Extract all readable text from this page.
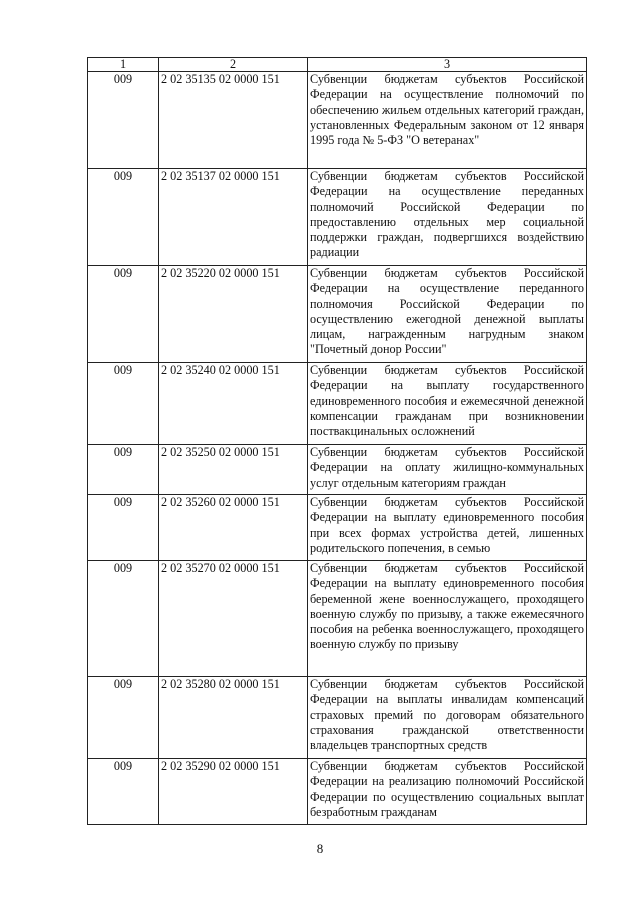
1	2	3
009	2 02 35135 02 0000 151	Субвенции бюджетам субъектов Российской Федерации на осуществление полномочий по обеспечению жильем отдельных категорий граждан, установленных Федеральным законом от 12 января 1995 года № 5-ФЗ "О ветеранах"
009	2 02 35137 02 0000 151	Субвенции бюджетам субъектов Российской Федерации на осуществление переданных полномочий Российской Федерации по предоставлению отдельных мер социальной поддержки граждан, подвергшихся воздействию радиации
009	2 02 35220 02 0000 151	Субвенции бюджетам субъектов Российской Федерации на осуществление переданного полномочия Российской Федерации по осуществлению ежегодной денежной выплаты лицам, награжденным нагрудным знаком "Почетный донор России"
009	2 02 35240 02 0000 151	Субвенции бюджетам субъектов Российской Федерации на выплату государственного единовременного пособия и ежемесячной денежной компенсации гражданам при возникновении поствакцинальных осложнений
009	2 02 35250 02 0000 151	Субвенции бюджетам субъектов Российской Федерации на оплату жилищно-коммунальных услуг отдельным категориям граждан
009	2 02 35260 02 0000 151	Субвенции бюджетам субъектов Российской Федерации на выплату единовременного пособия при всех формах устройства детей, лишенных родительского попечения, в семью
009	2 02 35270 02 0000 151	Субвенции бюджетам субъектов Российской Федерации на выплату единовременного пособия беременной жене военнослужащего, проходящего военную службу по призыву, а также ежемесячного пособия на ребенка военнослужащего, проходящего военную службу по призыву
009	2 02 35280 02 0000 151	Субвенции бюджетам субъектов Российской Федерации на выплаты инвалидам компенсаций страховых премий по договорам обязательного страхования гражданской ответственности владельцев транспортных средств
009	2 02 35290 02 0000 151	Субвенции бюджетам субъектов Российской Федерации на реализацию полномочий Российской Федерации по осуществлению социальных выплат безработным гражданам
8
